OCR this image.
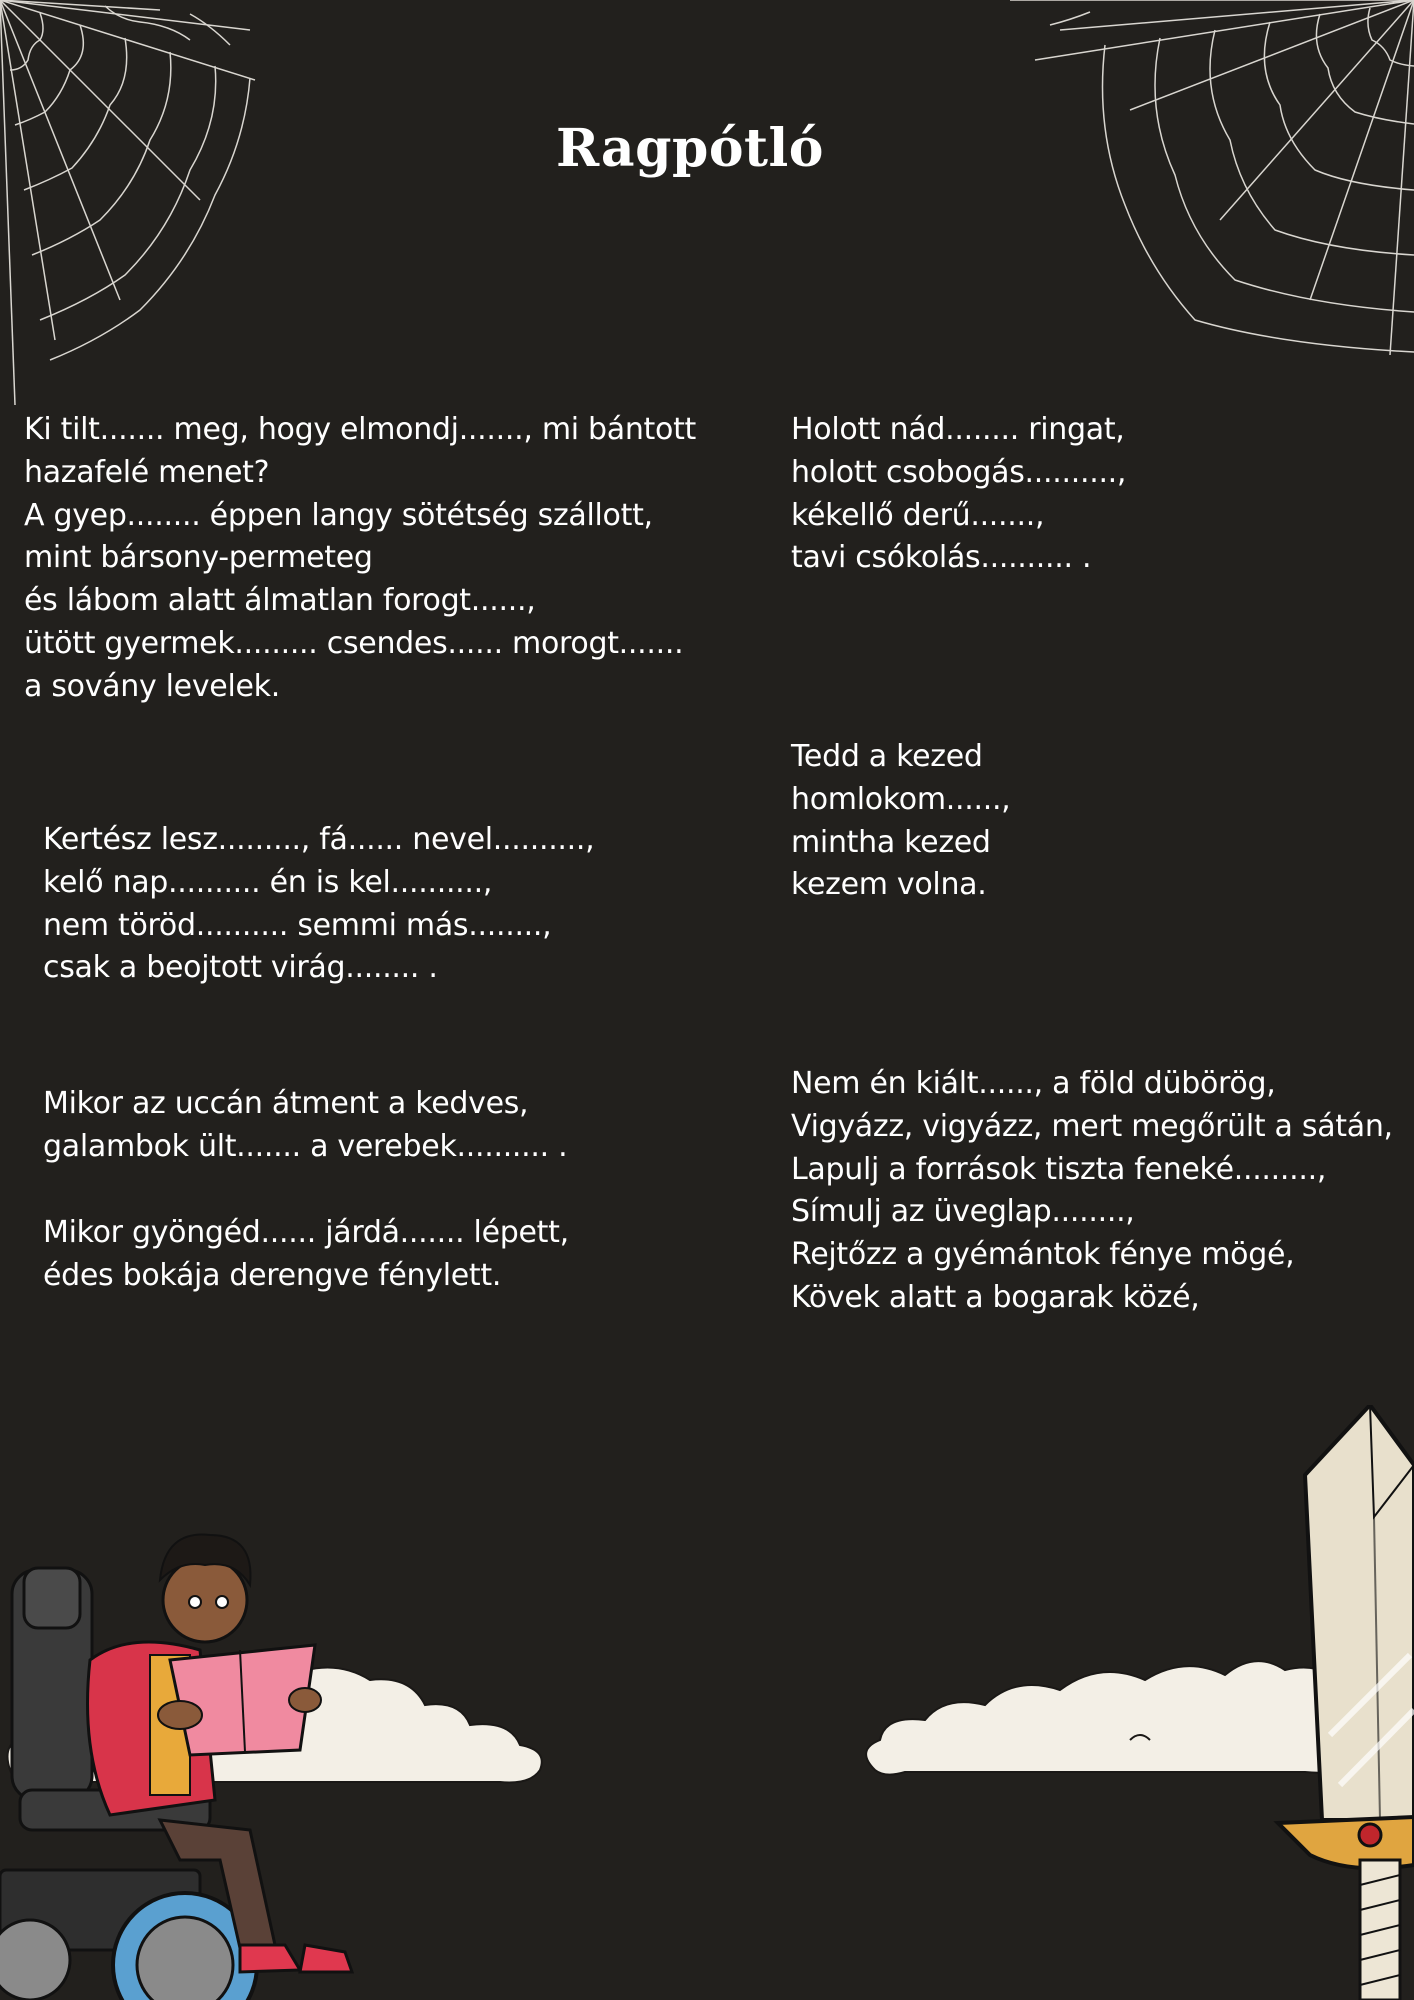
Ragpótló
Ki tilt....... meg, hogy elmondj......., mi bántott
hazafelé menet?
A gyep........ éppen langy sötétség szállott,
mint bársony-permeteg
és lábom alatt álmatlan forogt......,
ütött gyermek......... csendes...... morogt.......
a sovány levelek.
Kertész lesz........., fá...... nevel..........,
kelő nap.......... én is kel..........,
nem töröd.......... semmi más........,
csak a beojtott virág........ .
Mikor az uccán átment a kedves,
galambok ült....... a verebek.......... .
Mikor gyöngéd...... járdá....... lépett,
édes bokája derengve fénylett.
Holott nád........ ringat,
holott csobogás..........,
kékellő derű.......,
tavi csókolás.......... .
Tedd a kezed
homlokom......,
mintha kezed
kezem volna.
Nem én kiált......, a föld dübörög,
Vigyázz, vigyázz, mert megőrült a sátán,
Lapulj a források tiszta feneké.........,
Símulj az üveglap........,
Rejtőzz a gyémántok fénye mögé,
Kövek alatt a bogarak közé,
